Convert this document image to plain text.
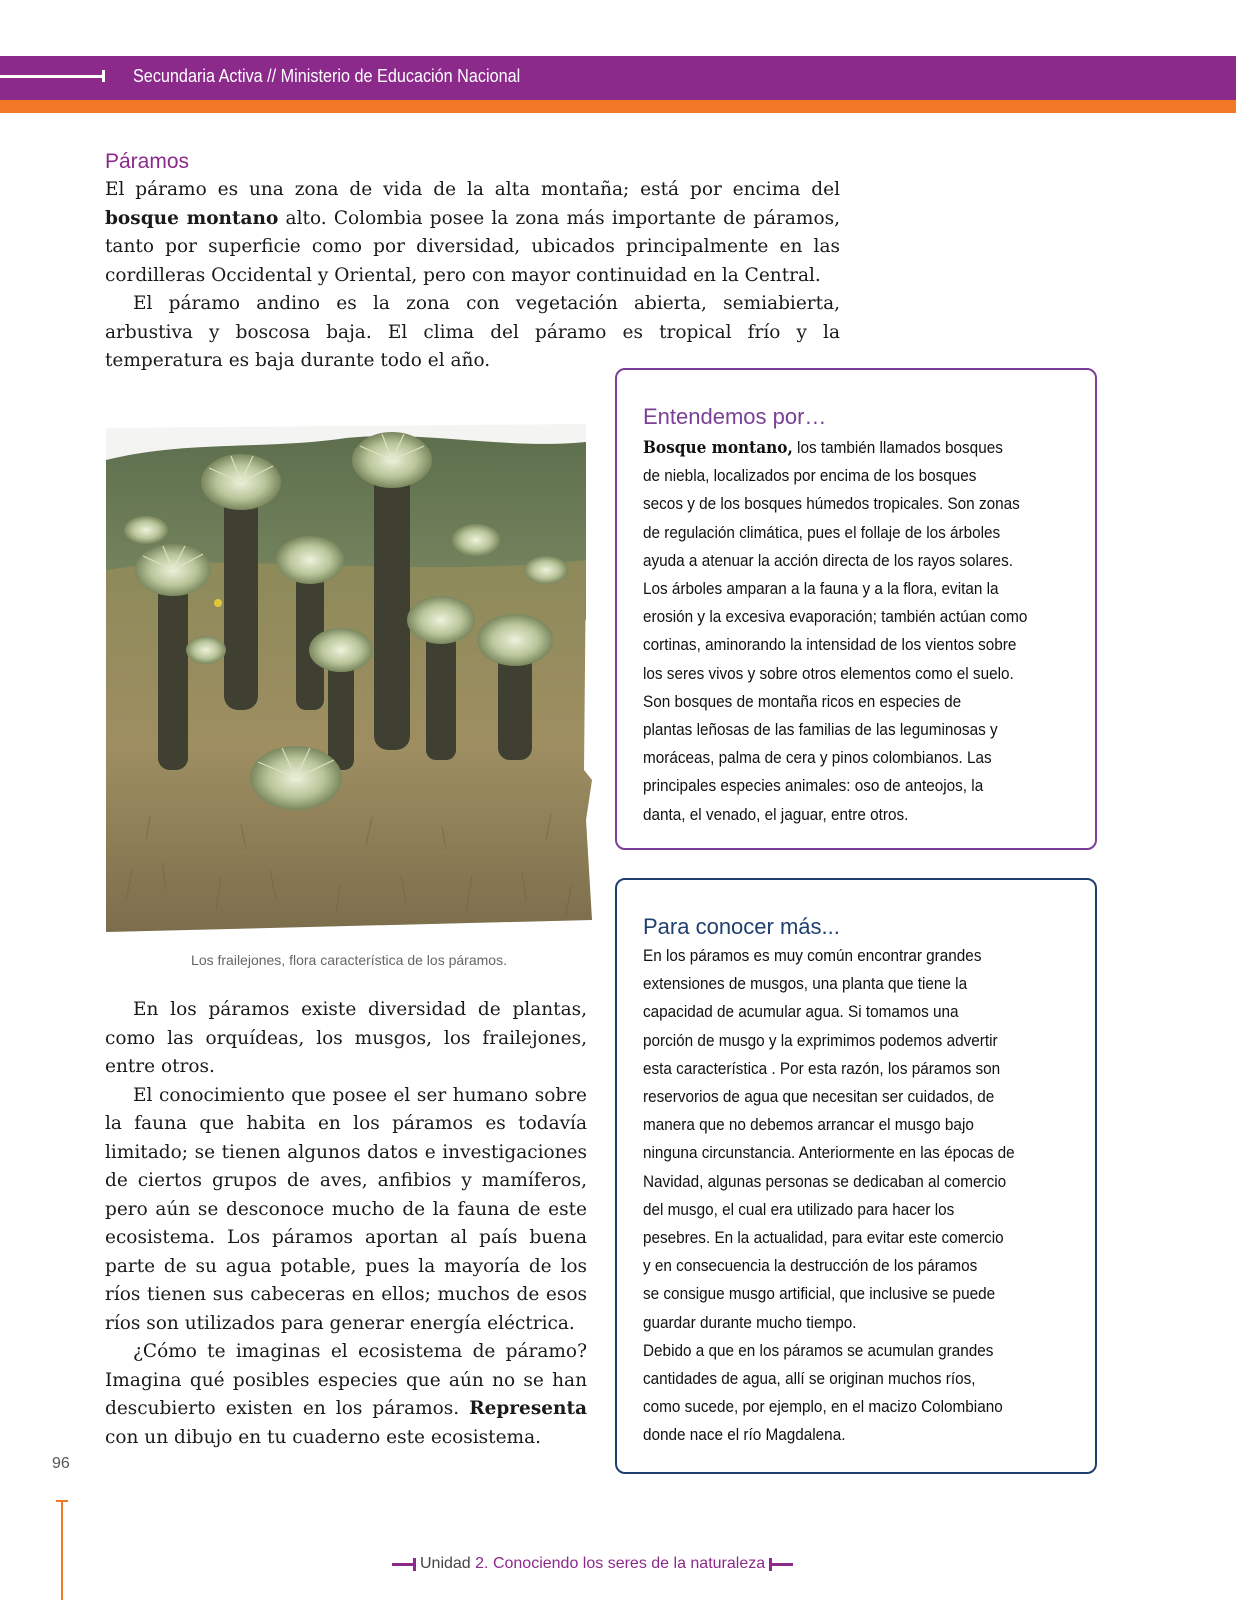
Secundaria Activa // Ministerio de Educación Nacional
Páramos

El páramo es una zona de vida de la alta montaña; está por encima del bosque montano alto. Colombia posee la zona más importante de páramos, tanto por superficie como por diversidad, ubicados principalmente en las cordilleras Occidental y Oriental, pero con mayor continuidad en la Central.

El páramo andino es la zona con vegetación abierta, semiabierta, arbustiva y boscosa baja. El clima del páramo es tropical frío y la temperatura es baja durante todo el año.

Los frailejones, flora característica de los páramos.

En los páramos existe diversidad de plantas, como las orquídeas, los musgos, los frailejones, entre otros.

El conocimiento que posee el ser humano sobre la fauna que habita en los páramos es todavía limitado; se tienen algunos datos e investigaciones de ciertos grupos de aves, anfibios y mamíferos, pero aún se desconoce mucho de la fauna de este ecosistema. Los páramos aportan al país buena parte de su agua potable, pues la mayoría de los ríos tienen sus cabeceras en ellos; muchos de esos ríos son utilizados para generar energía eléctrica.

¿Cómo te imaginas el ecosistema de páramo? Imagina qué posibles especies que aún no se han descubierto existen en los páramos. Representa con un dibujo en tu cuaderno este ecosistema.

Entendemos por…
Bosque montano, los también llamados bosques
de niebla, localizados por encima de los bosques
secos y de los bosques húmedos tropicales. Son zonas
de regulación climática, pues el follaje de los árboles
ayuda a atenuar la acción directa de los rayos solares.
Los árboles amparan a la fauna y a la flora, evitan la
erosión y la excesiva evaporación; también actúan como
cortinas, aminorando la intensidad de los vientos sobre
los seres vivos y sobre otros elementos como el suelo.
Son bosques de montaña ricos en especies de
plantas leñosas de las familias de las leguminosas y
moráceas, palma de cera y pinos colombianos. Las
principales especies animales: oso de anteojos, la
danta, el venado, el jaguar, entre otros.
Para conocer más...
En los páramos es muy común encontrar grandes
extensiones de musgos, una planta que tiene la
capacidad de acumular agua. Si tomamos una
porción de musgo y la exprimimos podemos advertir
esta característica . Por esta razón, los páramos son
reservorios de agua que necesitan ser cuidados, de
manera que no debemos arrancar el musgo bajo
ninguna circunstancia. Anteriormente en las épocas de
Navidad, algunas personas se dedicaban al comercio
del musgo, el cual era utilizado para hacer los
pesebres. En la actualidad, para evitar este comercio
y en consecuencia la destrucción de los páramos
se consigue musgo artificial, que inclusive se puede
guardar durante mucho tiempo.
Debido a que en los páramos se acumulan grandes
cantidades de agua, allí se originan muchos ríos,
como sucede, por ejemplo, en el macizo Colombiano
donde nace el río Magdalena.
96
Unidad 2. Conociendo los seres de la naturaleza
